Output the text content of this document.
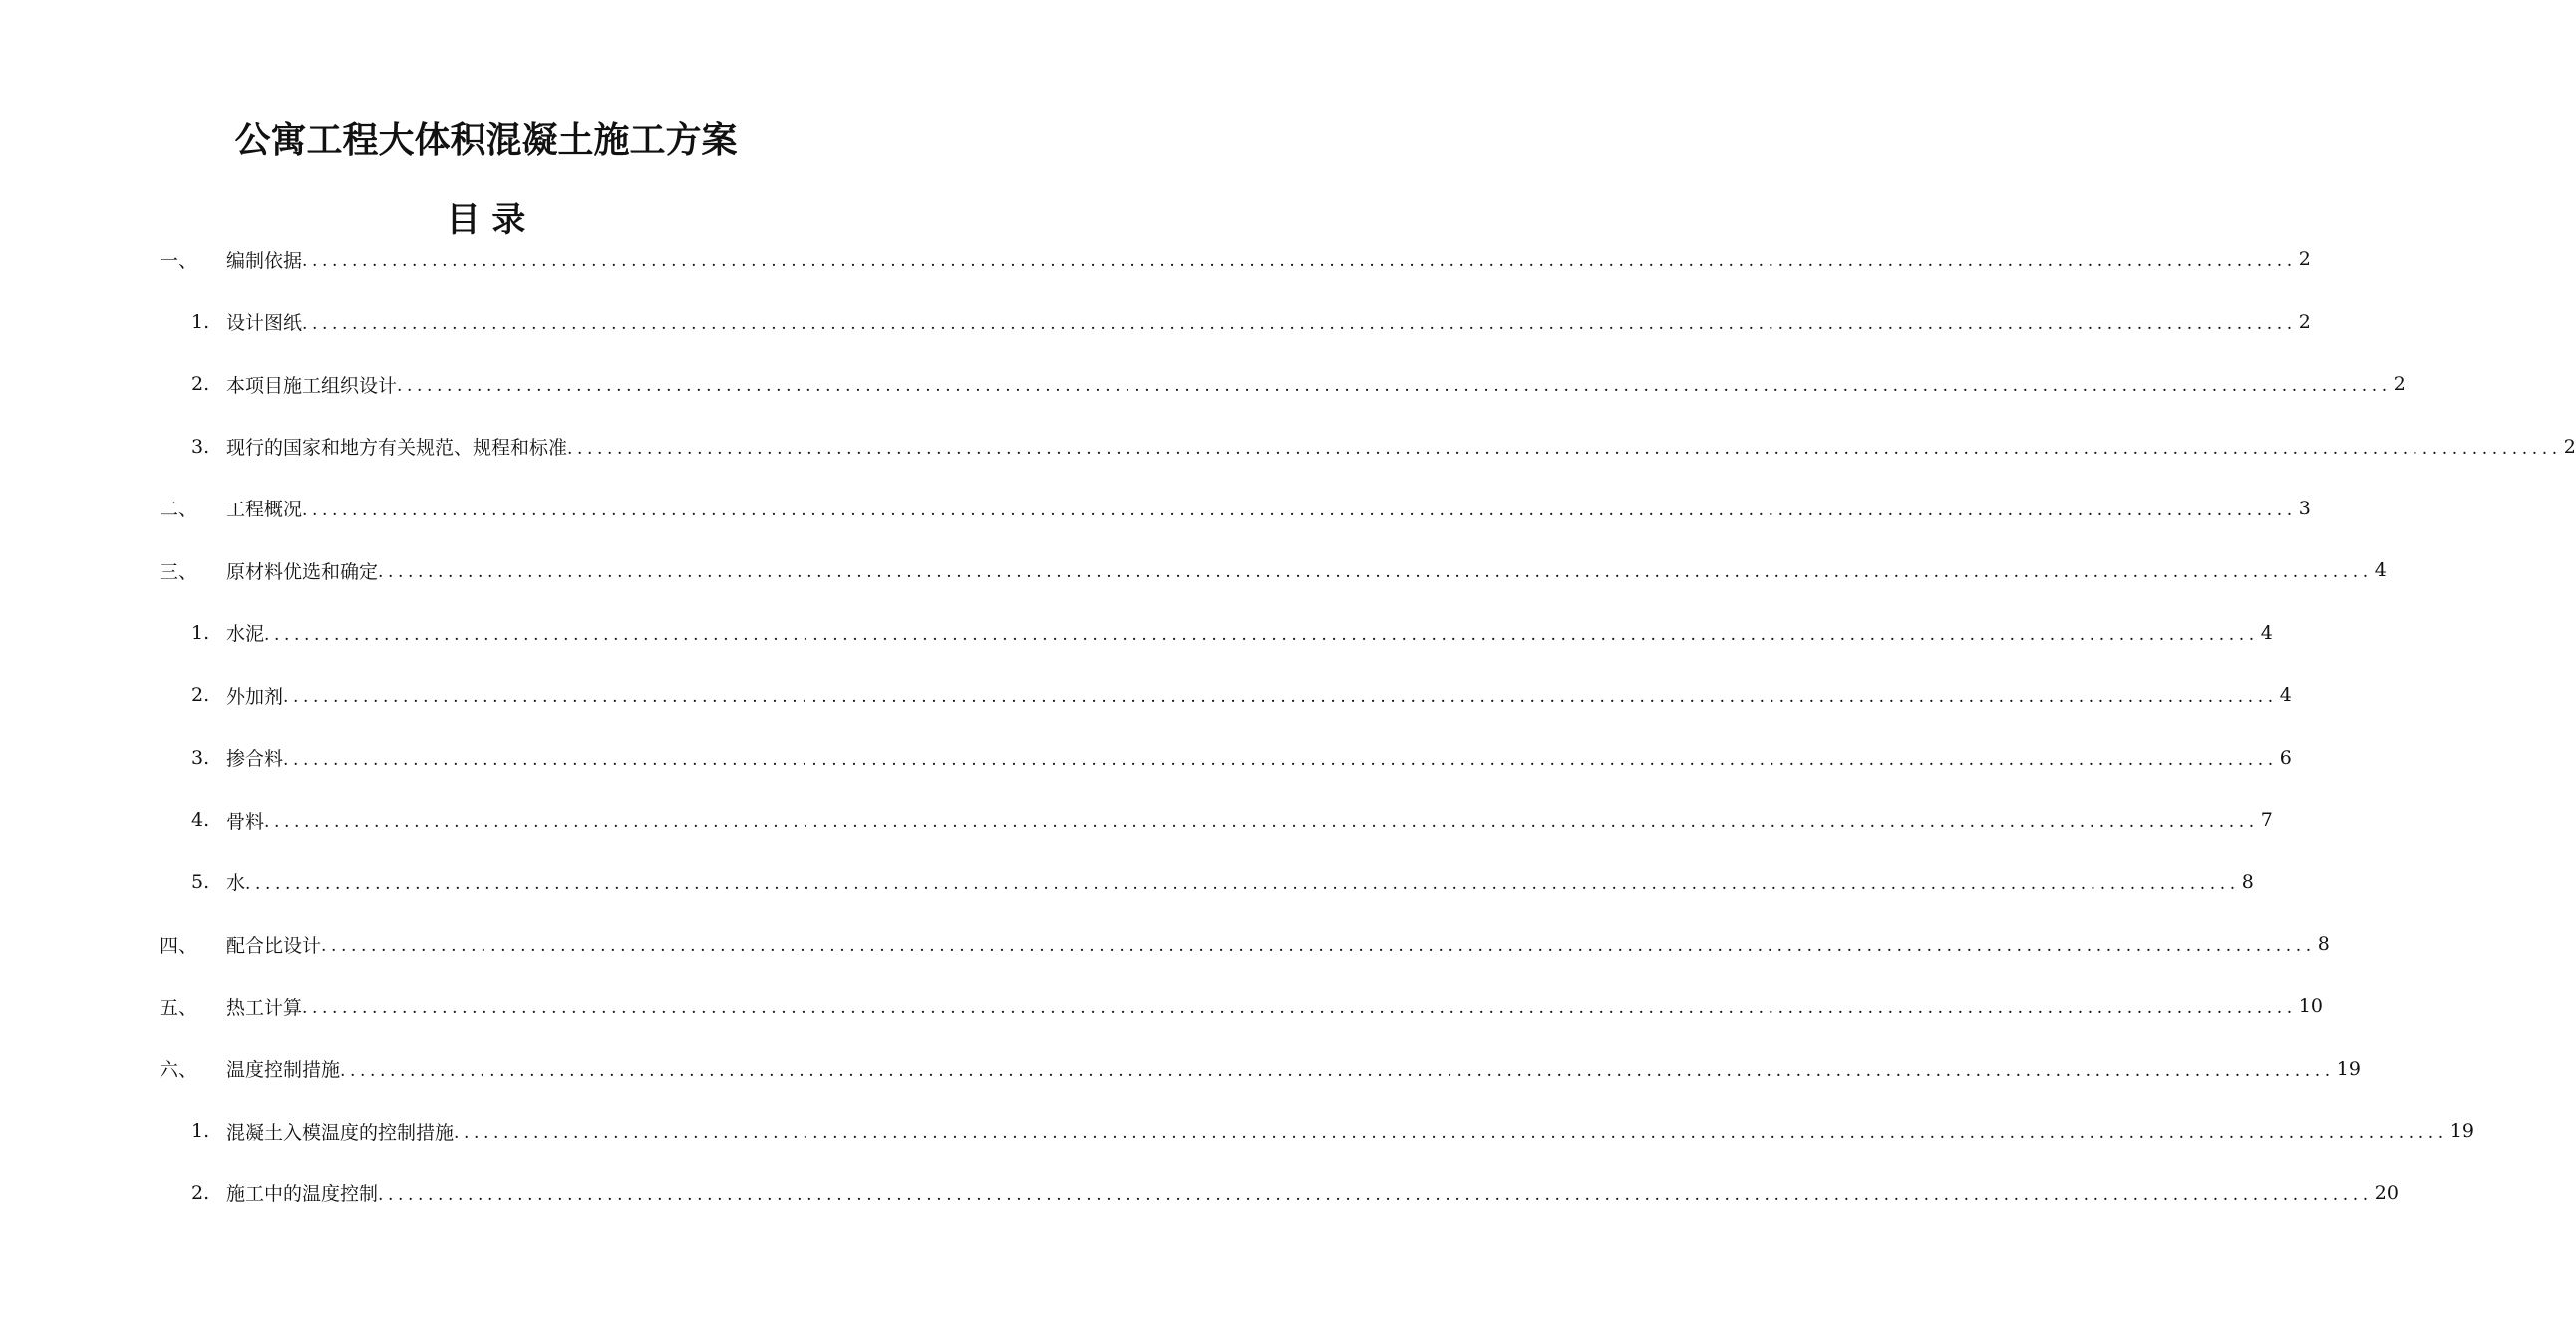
公寓工程大体积混凝土施工方案
目 录
一、	编制依据 ........................................................................................................................................................................................................ 2
1. 设计图纸 ........................................................................................................................................................................................................ 2
2. 本项目施工组织设计 ........................................................................................................................................................................................................ 2
3. 现行的国家和地方有关规范、规程和标准 ........................................................................................................................................................................................................ 2
二、	工程概况 ........................................................................................................................................................................................................ 3
三、	原材料优选和确定 ........................................................................................................................................................................................................ 4
1. 水泥 ........................................................................................................................................................................................................ 4
2. 外加剂 ........................................................................................................................................................................................................ 4
3. 掺合料 ........................................................................................................................................................................................................ 6
4. 骨料 ........................................................................................................................................................................................................ 7
5. 水 ........................................................................................................................................................................................................ 8
四、	配合比设计 ........................................................................................................................................................................................................ 8
五、	热工计算 ........................................................................................................................................................................................................ 10
六、	温度控制措施 ........................................................................................................................................................................................................ 19
1. 混凝土入模温度的控制措施 ........................................................................................................................................................................................................ 19
2. 施工中的温度控制 ........................................................................................................................................................................................................ 20
